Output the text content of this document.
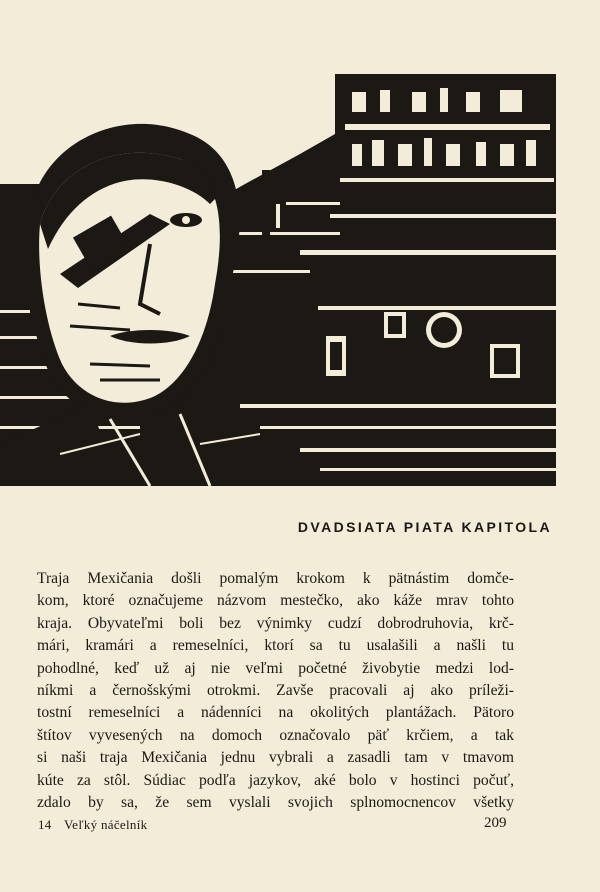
DVADSIATA PIATA KAPITOLA
Traja Mexičania došli pomalým krokom k pätnástim domče-
kom, ktoré označujeme názvom mestečko, ako káže mrav tohto
kraja. Obyvateľmi boli bez výnimky cudzí dobrodruhovia, krč-
mári, kramári a remeselníci, ktorí sa tu usalašili a našli tu
pohodlné, keď už aj nie veľmi početné živobytie medzi lod-
níkmi a černošskými otrokmi. Zavše pracovali aj ako príleži-
tostní remeselníci a nádenníci na okolitých plantážach. Pätoro
štítov vyvesených na domoch označovalo päť krčiem, a tak
si naši traja Mexičania jednu vybrali a zasadli tam v tmavom
kúte za stôl. Súdiac podľa jazykov, aké bolo v hostinci počuť,
zdalo by sa, že sem vyslali svojich splnomocnencov všetky
14 Veľký náčelník	209
